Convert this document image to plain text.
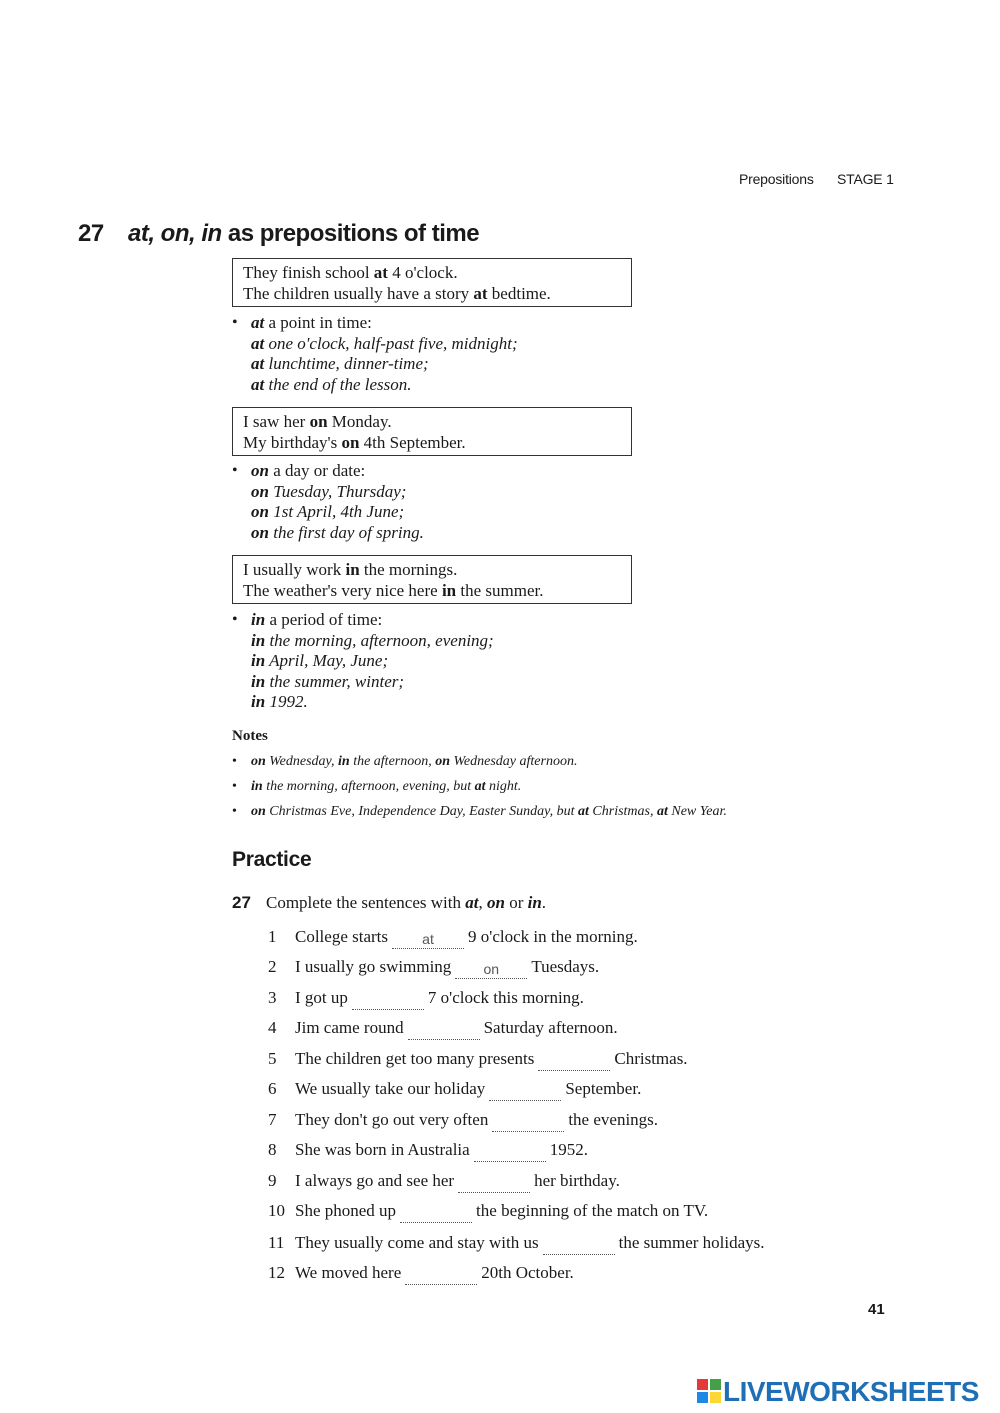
Prepositions STAGE 1
27 at, on, in as prepositions of time
They finish school at 4 o'clock.
The children usually have a story at bedtime.
• at a point in time:
at one o'clock, half-past five, midnight;
at lunchtime, dinner-time;
at the end of the lesson.
I saw her on Monday.
My birthday's on 4th September.
• on a day or date:
on Tuesday, Thursday;
on 1st April, 4th June;
on the first day of spring.
I usually work in the mornings.
The weather's very nice here in the summer.
• in a period of time:
in the morning, afternoon, evening;
in April, May, June;
in the summer, winter;
in 1992.
Notes
• on Wednesday, in the afternoon, on Wednesday afternoon.
• in the morning, afternoon, evening, but at night.
• on Christmas Eve, Independence Day, Easter Sunday, but at Christmas, at New Year.
Practice
27 Complete the sentences with at, on or in.
1 College startsat	9 o'clock in the morning.
2 I usually go swimmingon	Tuesdays.
3 I got up	7 o'clock this morning.
4 Jim came round	Saturday afternoon.
5 The children get too many presents	Christmas.
6 We usually take our holiday	September.
7 They don't go out very often	the evenings.
8 She was born in Australia	1952.
9 I always go and see her	her birthday.
10 She phoned up	the beginning of the match on TV.
11 They usually come and stay with us	the summer holidays.
12 We moved here	20th October.
41
LIVEWORKSHEETS
